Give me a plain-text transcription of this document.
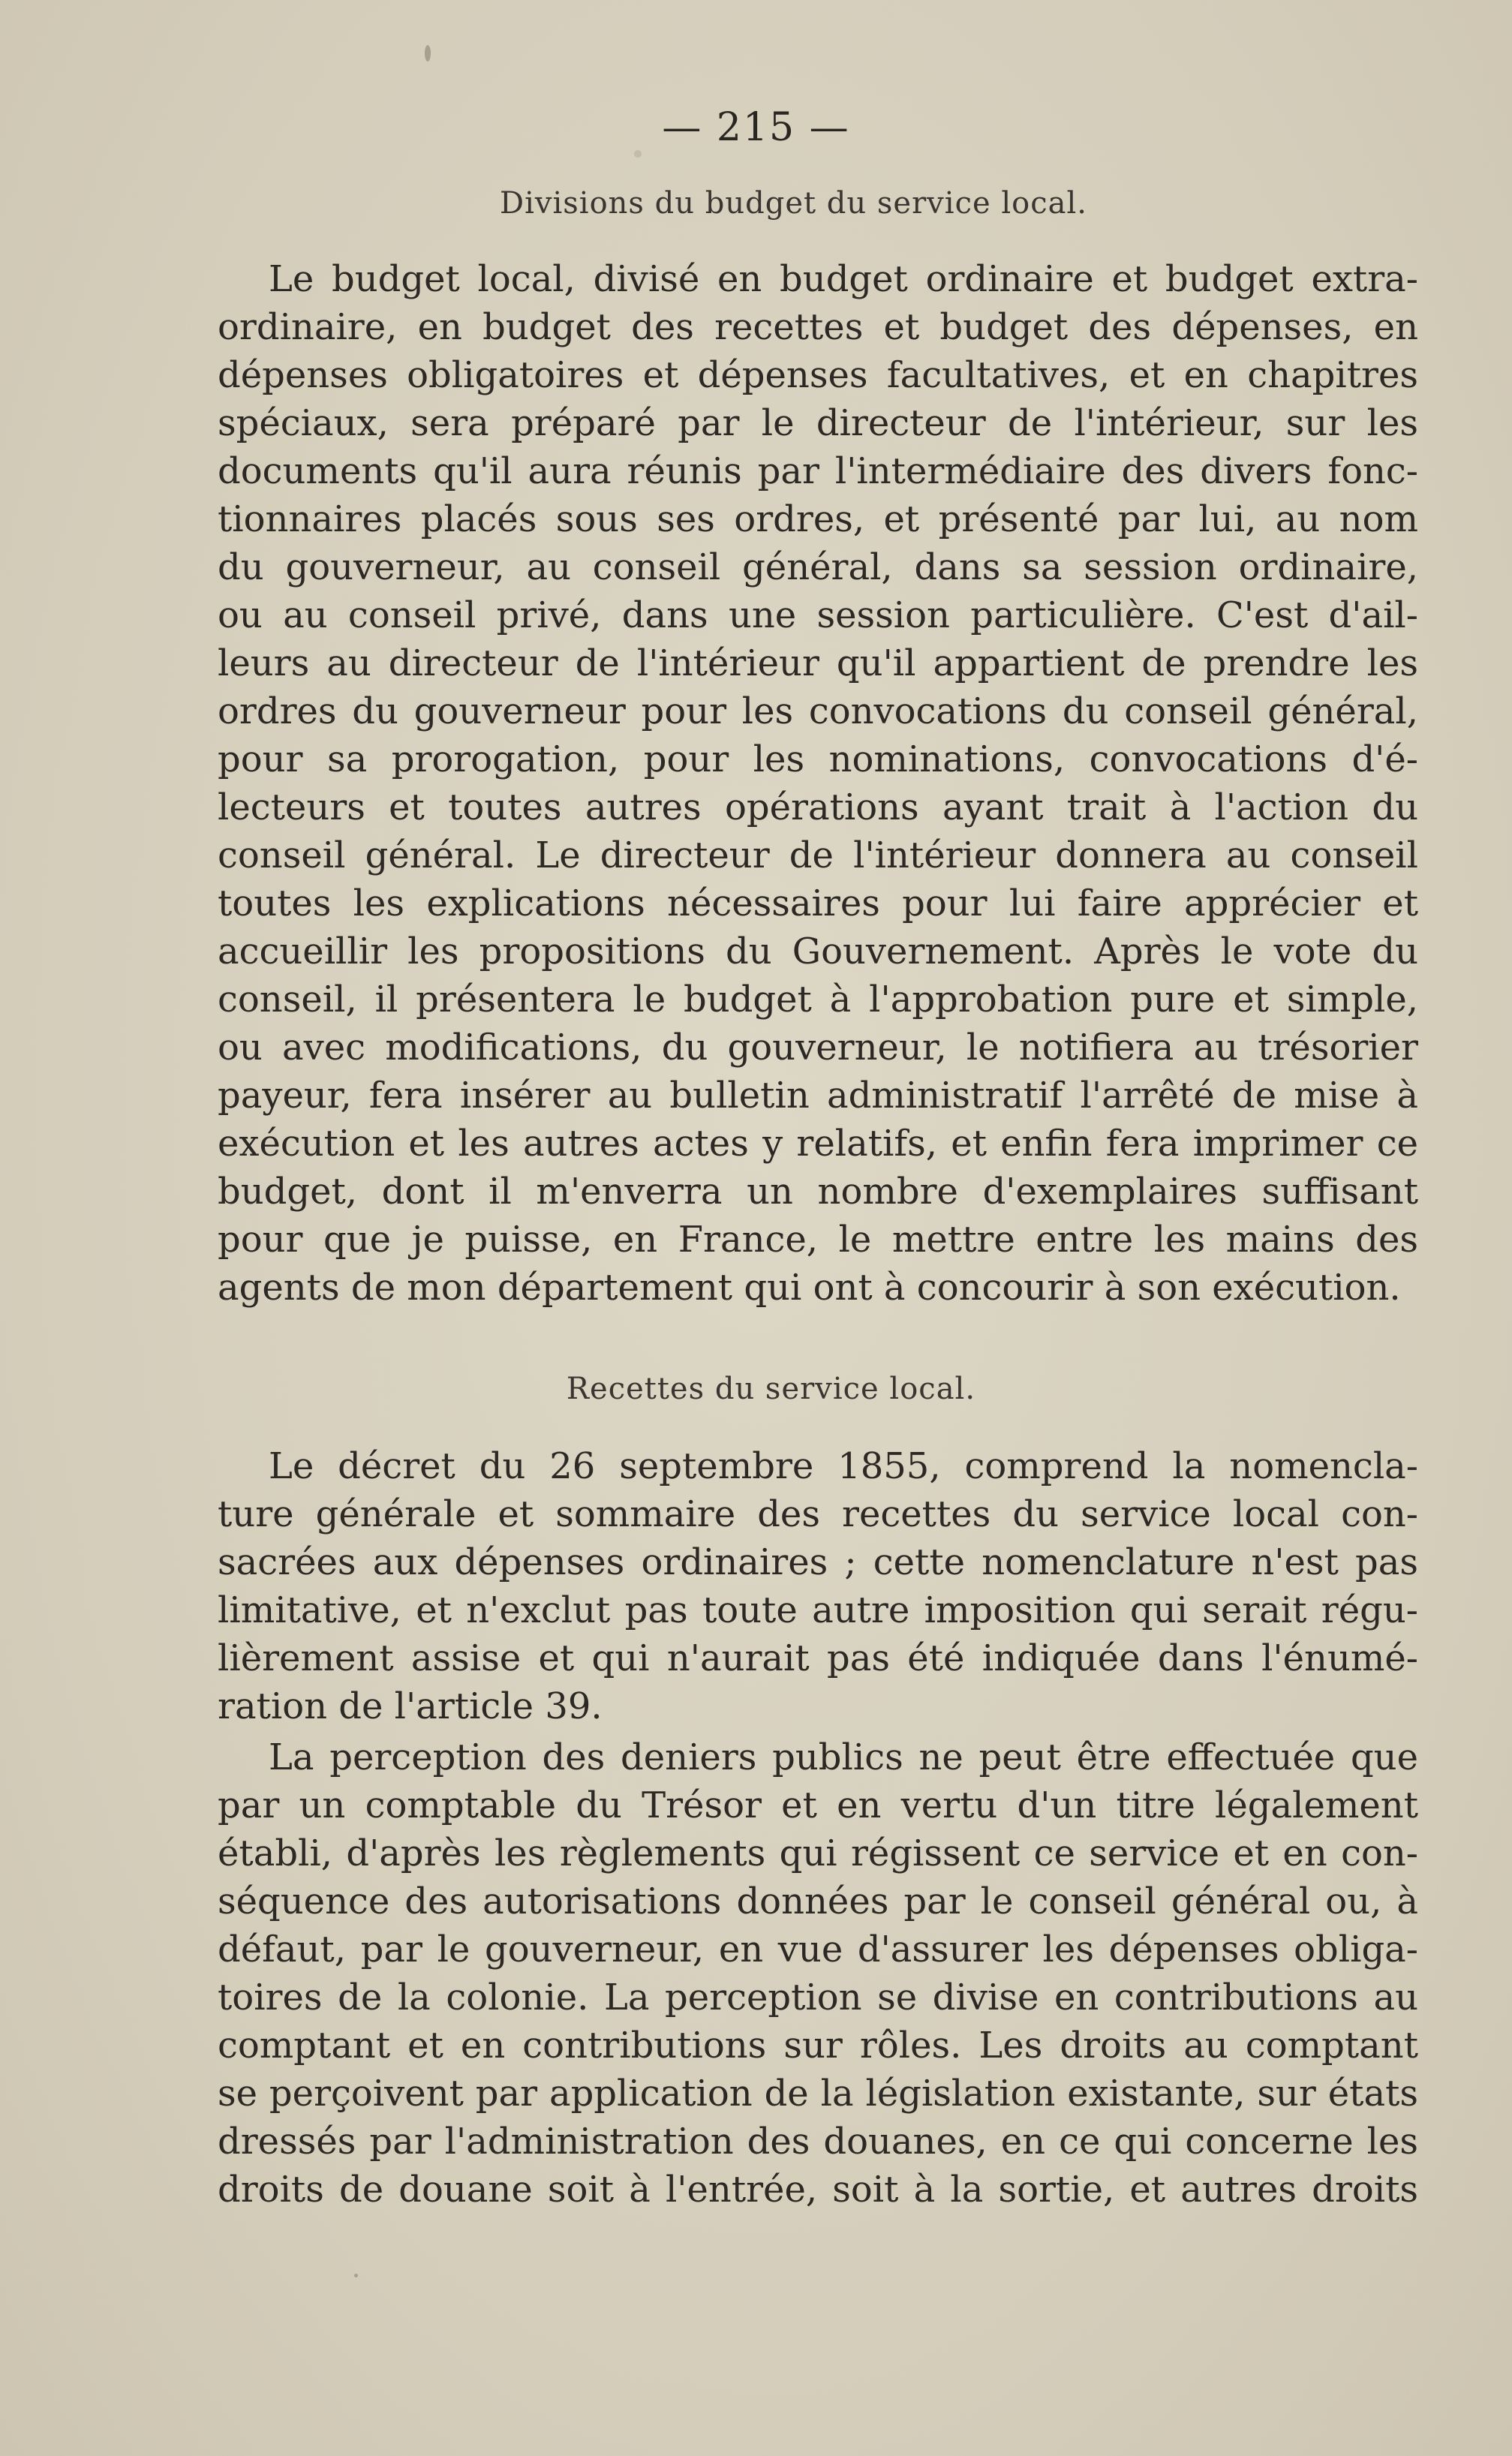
— 215 —
Divisions du budget du service local.
Le budget local, divisé en budget ordinaire et budget extra-
ordinaire, en budget des recettes et budget des dépenses, en
dépenses obligatoires et dépenses facultatives, et en chapitres
spéciaux, sera préparé par le directeur de l'intérieur, sur les
documents qu'il aura réunis par l'intermédiaire des divers fonc-
tionnaires placés sous ses ordres, et présenté par lui, au nom
du gouverneur, au conseil général, dans sa session ordinaire,
ou au conseil privé, dans une session particulière. C'est d'ail-
leurs au directeur de l'intérieur qu'il appartient de prendre les
ordres du gouverneur pour les convocations du conseil général,
pour sa prorogation, pour les nominations, convocations d'é-
lecteurs et toutes autres opérations ayant trait à l'action du
conseil général. Le directeur de l'intérieur donnera au conseil
toutes les explications nécessaires pour lui faire apprécier et
accueillir les propositions du Gouvernement. Après le vote du
conseil, il présentera le budget à l'approbation pure et simple,
ou avec modifications, du gouverneur, le notifiera au trésorier
payeur, fera insérer au bulletin administratif l'arrêté de mise à
exécution et les autres actes y relatifs, et enfin fera imprimer ce
budget, dont il m'enverra un nombre d'exemplaires suffisant
pour que je puisse, en France, le mettre entre les mains des
agents de mon département qui ont à concourir à son exécution.
Recettes du service local.
Le décret du 26 septembre 1855, comprend la nomencla-
ture générale et sommaire des recettes du service local con-
sacrées aux dépenses ordinaires ; cette nomenclature n'est pas
limitative, et n'exclut pas toute autre imposition qui serait régu-
lièrement assise et qui n'aurait pas été indiquée dans l'énumé-
ration de l'article 39.
La perception des deniers publics ne peut être effectuée que
par un comptable du Trésor et en vertu d'un titre légalement
établi, d'après les règlements qui régissent ce service et en con-
séquence des autorisations données par le conseil général ou, à
défaut, par le gouverneur, en vue d'assurer les dépenses obliga-
toires de la colonie. La perception se divise en contributions au
comptant et en contributions sur rôles. Les droits au comptant
se perçoivent par application de la législation existante, sur états
dressés par l'administration des douanes, en ce qui concerne les
droits de douane soit à l'entrée, soit à la sortie, et autres droits
